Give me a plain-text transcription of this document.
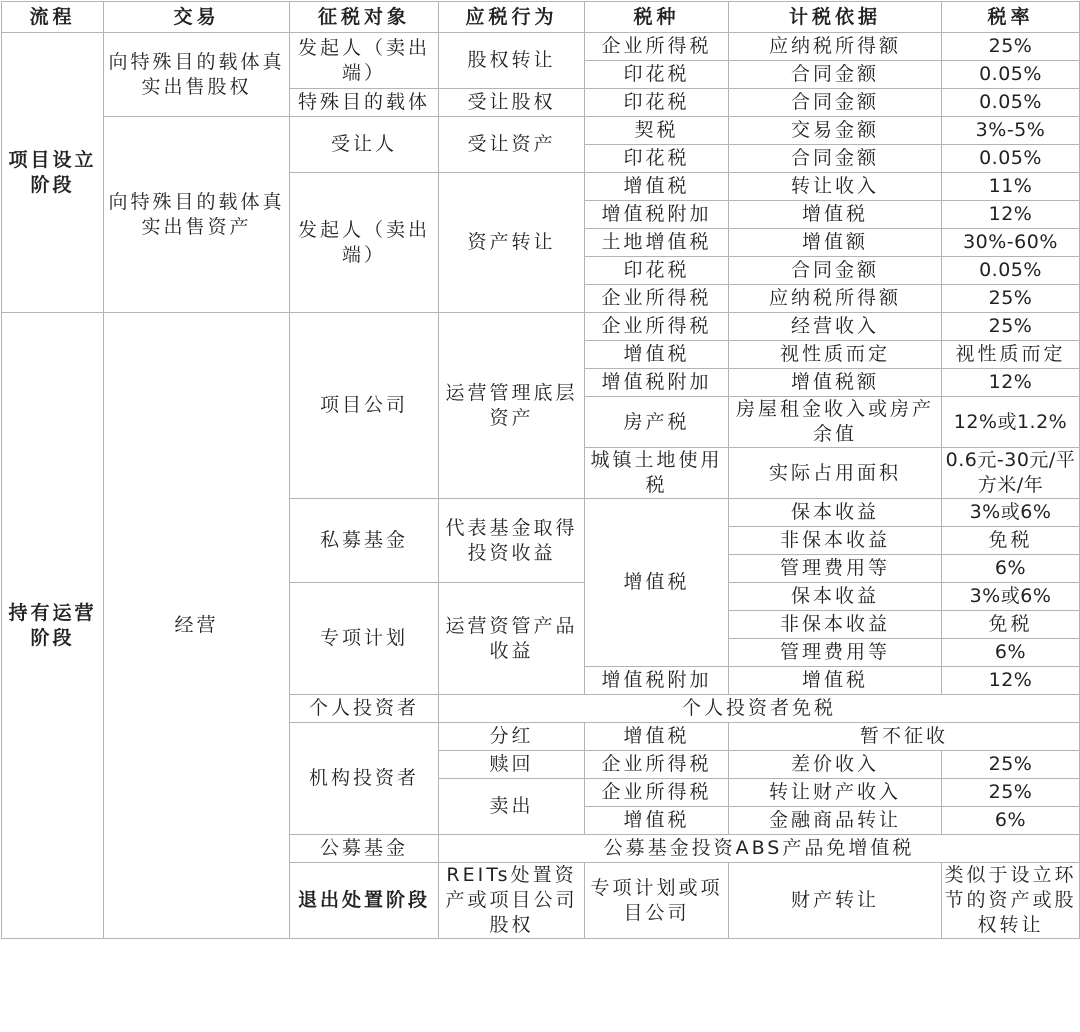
流程	交易	征税对象	应税行为	税种	计税依据	税率
项目设立阶段	向特殊目的载体真实出售股权	发起人（卖出端）	股权转让	企业所得税	应纳税所得额	25%
				印花税	合同金额	0.05%
		特殊目的载体	受让股权	印花税	合同金额	0.05%
	向特殊目的载体真实出售资产	受让人	受让资产	契税	交易金额	3%-5%
				印花税	合同金额	0.05%
		发起人（卖出端）	资产转让	增值税	转让收入	11%
				增值税附加	增值税	12%
				土地增值税	增值额	30%-60%
				印花税	合同金额	0.05%
				企业所得税	应纳税所得额	25%
持有运营阶段	经营	项目公司	运营管理底层资产	企业所得税	经营收入	25%
				增值税	视性质而定	视性质而定
				增值税附加	增值税额	12%
				房产税	房屋租金收入或房产余值	12%或1.2%
				城镇土地使用税	实际占用面积	0.6元-30元/平方米/年
		私募基金	代表基金取得投资收益	增值税	保本收益	3%或6%
					非保本收益	免税
					管理费用等	6%
		专项计划	运营资管产品收益		保本收益	3%或6%
					非保本收益	免税
					管理费用等	6%
				增值税附加	增值税	12%
		个人投资者	个人投资者免税			
		机构投资者	分红	增值税	暂不征收	
			赎回	企业所得税	差价收入	25%
			卖出	企业所得税	转让财产收入	25%
				增值税	金融商品转让	6%
		公募基金	公募基金投资ABS产品免增值税			
		退出处置阶段	REITs处置资产或项目公司股权	专项计划或项目公司	财产转让	类似于设立环节的资产或股权转让
